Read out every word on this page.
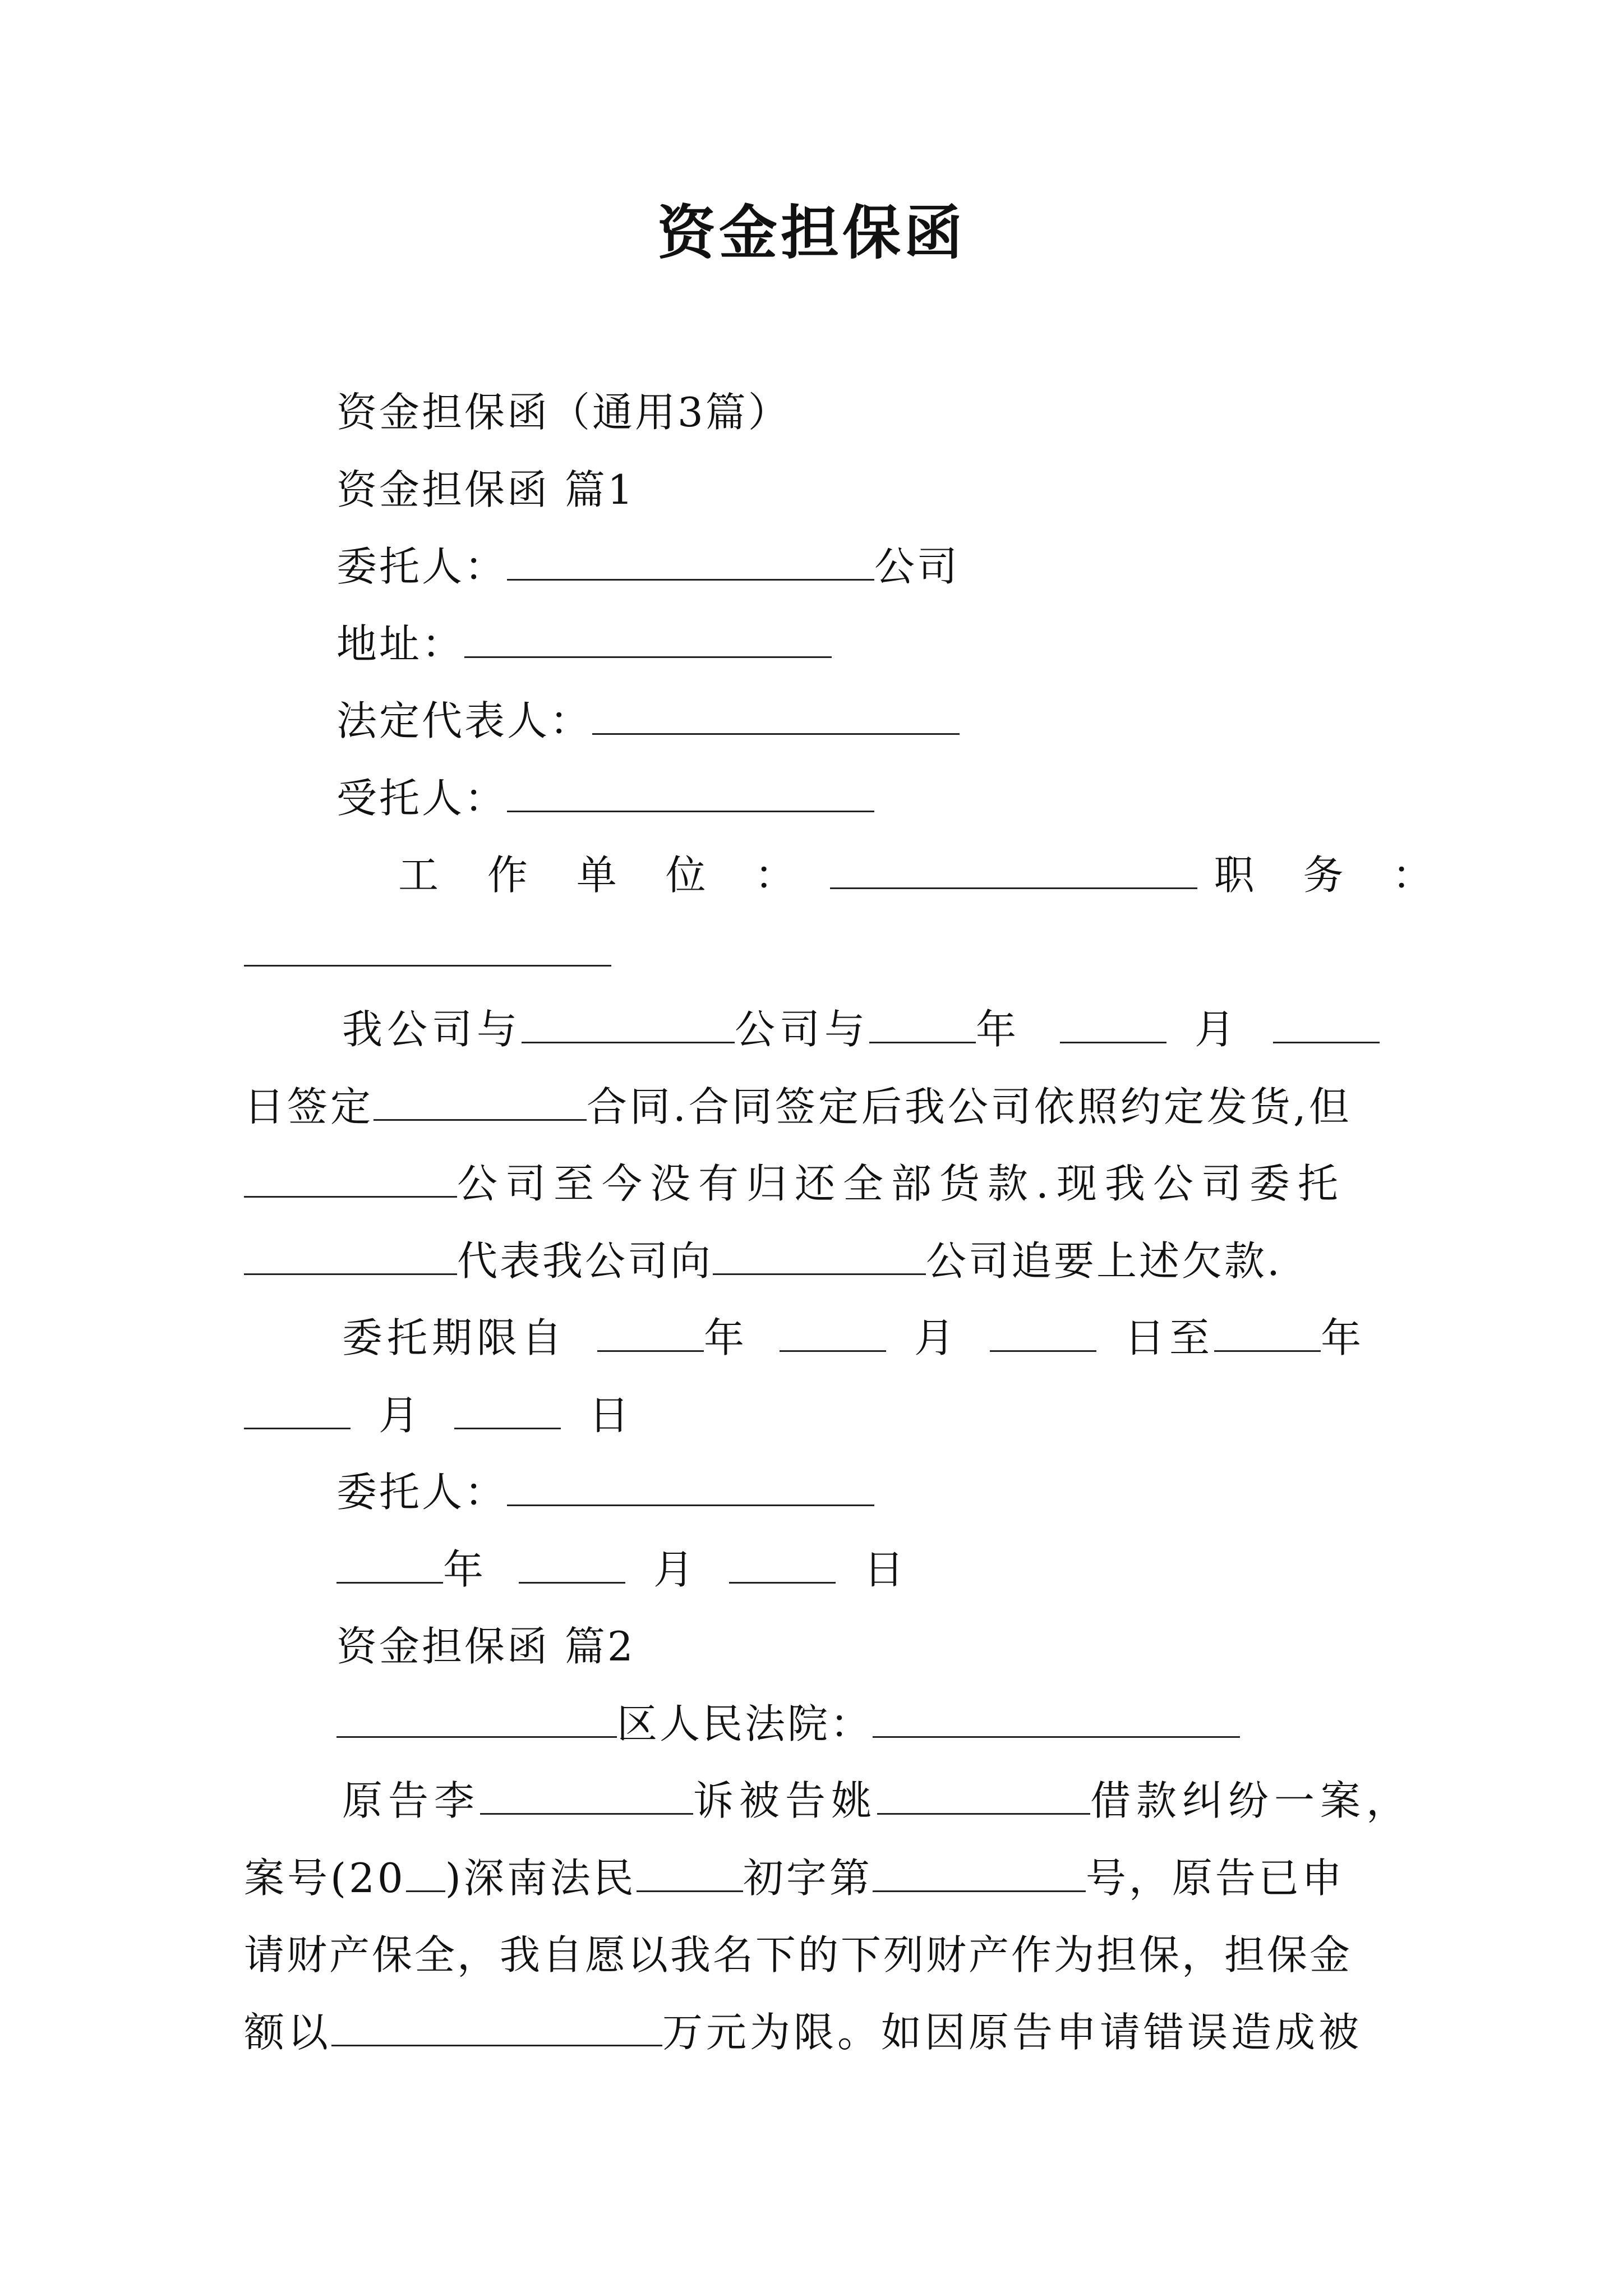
资金担保函
资金担保函（通用3篇）
资金担保函 篇1
委托人：	公司
地址：
法定代表人：
受托人：
工 作 单 位 ：	职 务 ：
我公司与	公司与	年	月
日签定	合同.合同签定后我公司依照约定发货,但
公司至今没有归还全部货款.现我公司委托
代表我公司向	公司追要上述欠款.
委托期限自	年	月	日至	年
月	日
委托人：
年	月	日
资金担保函 篇2
区人民法院：
原告李	诉被告姚	借款纠纷一案，
案号(20 )深南法民	初字第	号，原告已申
请财产保全，我自愿以我名下的下列财产作为担保，担保金
额以	万元为限。如因原告申请错误造成被
